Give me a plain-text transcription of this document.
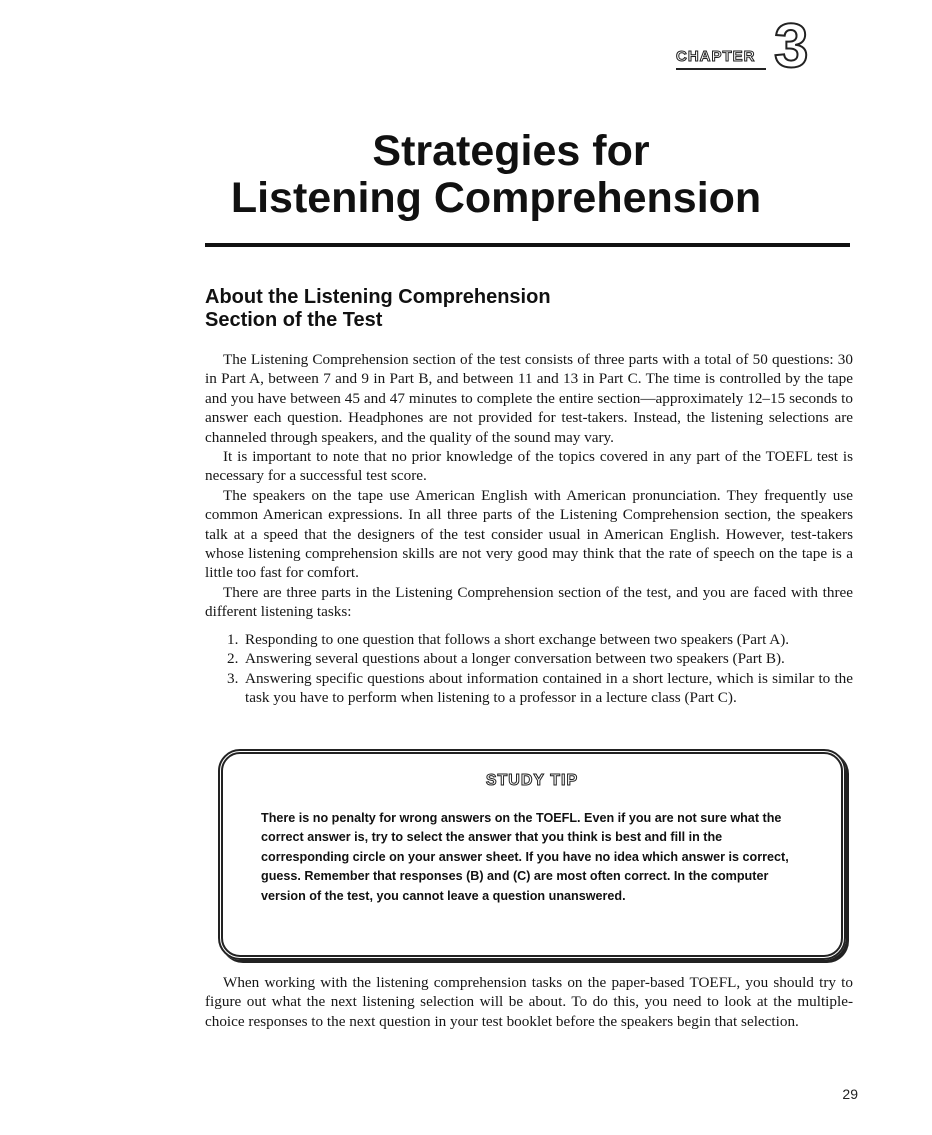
CHAPTER 3
Strategies for
Listening Comprehension
About the Listening Comprehension
Section of the Test

The Listening Comprehension section of the test consists of three parts with a total of 50 questions: 30 in Part A, between 7 and 9 in Part B, and between 11 and 13 in Part C. The time is controlled by the tape and you have between 45 and 47 minutes to complete the entire section—approximately 12–15 seconds to answer each question. Headphones are not provided for test-takers. Instead, the listening selections are channeled through speakers, and the quality of the sound may vary.

It is important to note that no prior knowledge of the topics covered in any part of the TOEFL test is necessary for a successful test score.

The speakers on the tape use American English with American pronunciation. They frequently use common American expressions. In all three parts of the Listening Comprehension section, the speakers talk at a speed that the designers of the test consider usual in American English. However, test-takers whose listening comprehension skills are not very good may think that the rate of speech on the tape is a little too fast for comfort.

There are three parts in the Listening Comprehension section of the test, and you are faced with three different listening tasks:

1. Responding to one question that follows a short exchange between two speakers (Part A).
2. Answering several questions about a longer conversation between two speakers (Part B).
3. Answering specific questions about information contained in a short lecture, which is similar to the task you have to perform when listening to a professor in a lecture class (Part C).
STUDY TIP

There is no penalty for wrong answers on the TOEFL. Even if you are not sure what the correct answer is, try to select the answer that you think is best and fill in the corresponding circle on your answer sheet. If you have no idea which answer is correct, guess. Remember that responses (B) and (C) are most often correct. In the computer version of the test, you cannot leave a question unanswered.

When working with the listening comprehension tasks on the paper-based TOEFL, you should try to figure out what the next listening selection will be about. To do this, you need to look at the multiple-choice responses to the next question in your test booklet before the speakers begin that selection.

29
